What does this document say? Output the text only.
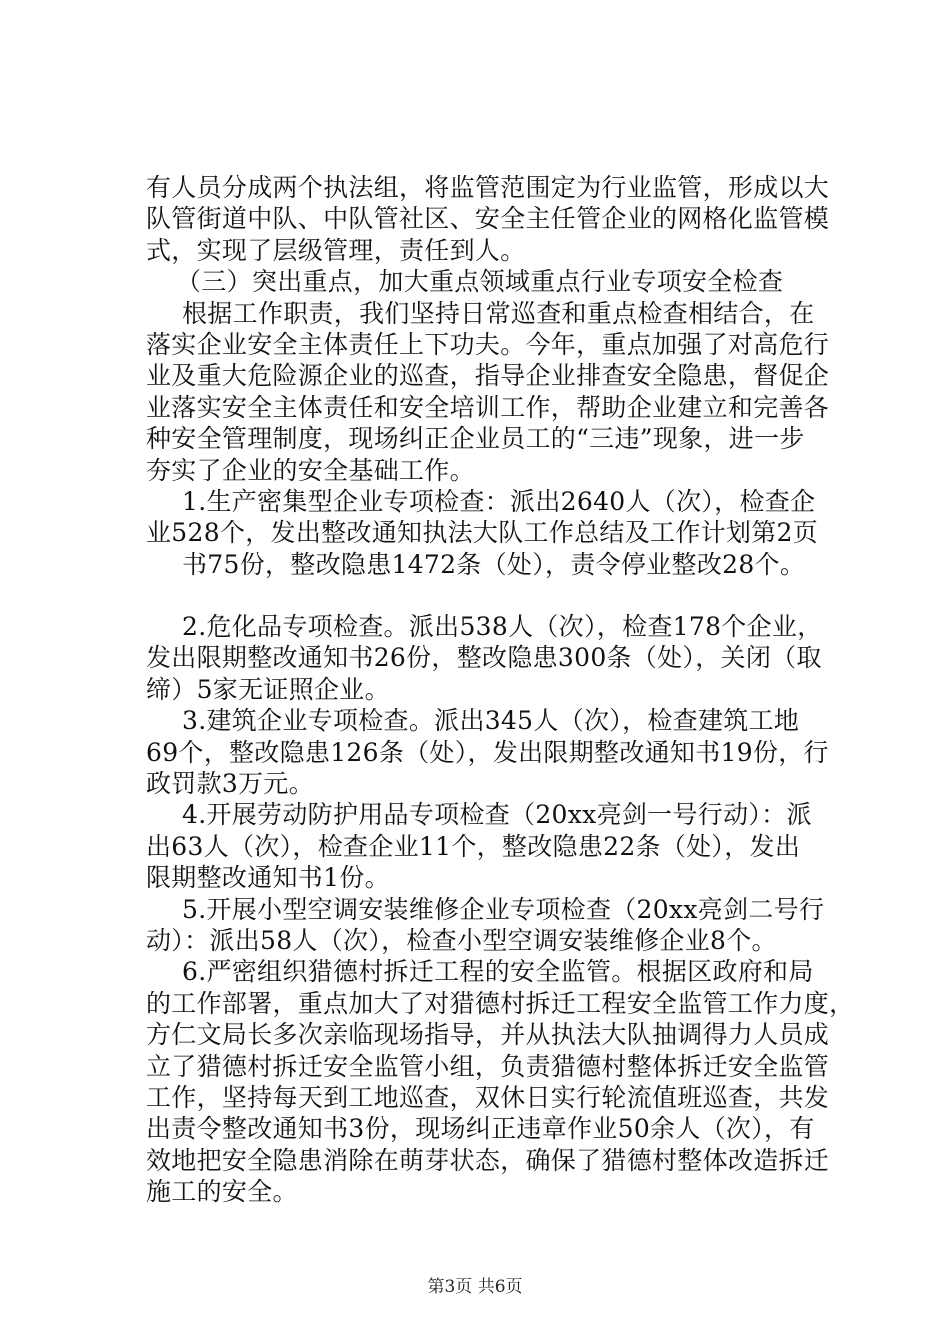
有人员分成两个执法组，将监管范围定为行业监管，形成以大
队管街道中队、中队管社区、安全主任管企业的网格化监管模
式，实现了层级管理，责任到人。
（三）突出重点，加大重点领域重点行业专项安全检查
根据工作职责，我们坚持日常巡查和重点检查相结合，在
落实企业安全主体责任上下功夫。今年，重点加强了对高危行
业及重大危险源企业的巡查，指导企业排查安全隐患，督促企
业落实安全主体责任和安全培训工作，帮助企业建立和完善各
种安全管理制度，现场纠正企业员工的“三违”现象，进一步
夯实了企业的安全基础工作。
1.生产密集型企业专项检查：派出2640人（次），检查企
业528个，发出整改通知执法大队工作总结及工作计划第2页
书75份，整改隐患1472条（处），责令停业整改28个。
2.危化品专项检查。派出538人（次），检查178个企业，
发出限期整改通知书26份，整改隐患300条（处），关闭（取
缔）5家无证照企业。
3.建筑企业专项检查。派出345人（次），检查建筑工地
69个，整改隐患126条（处），发出限期整改通知书19份，行
政罚款3万元。
4.开展劳动防护用品专项检查（20xx亮剑一号行动）：派
出63人（次），检查企业11个，整改隐患22条（处），发出
限期整改通知书1份。
5.开展小型空调安装维修企业专项检查（20xx亮剑二号行
动）：派出58人（次），检查小型空调安装维修企业8个。
6.严密组织猎德村拆迁工程的安全监管。根据区政府和局
的工作部署，重点加大了对猎德村拆迁工程安全监管工作力度，
方仁文局长多次亲临现场指导，并从执法大队抽调得力人员成
立了猎德村拆迁安全监管小组，负责猎德村整体拆迁安全监管
工作，坚持每天到工地巡查，双休日实行轮流值班巡查，共发
出责令整改通知书3份，现场纠正违章作业50余人（次），有
效地把安全隐患消除在萌芽状态，确保了猎德村整体改造拆迁
施工的安全。
第3页 共6页
